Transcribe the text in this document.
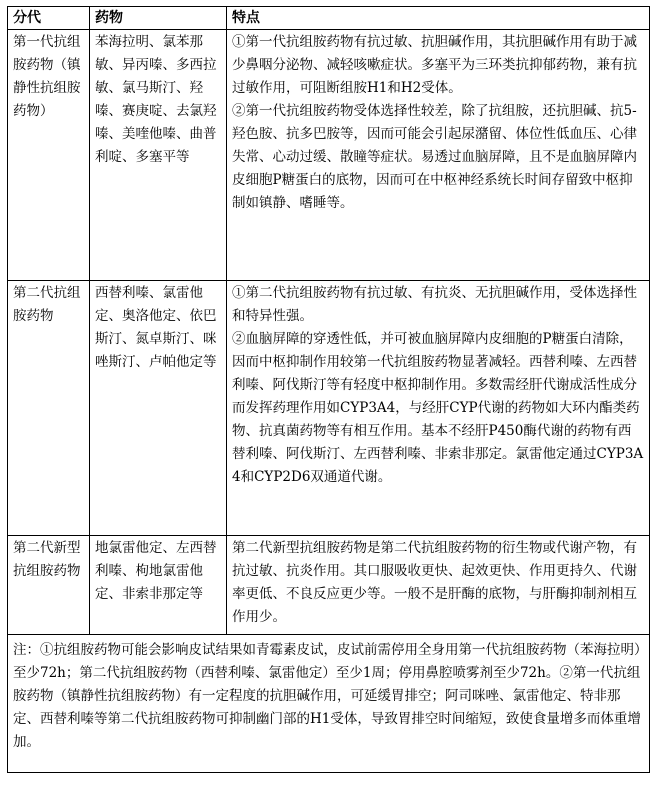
分代	药物	特点
第一代抗组胺药物（镇静性抗组胺药物）	苯海拉明、氯苯那敏、异丙嗪、多西拉敏、氯马斯汀、羟嗪、赛庚啶、去氯羟嗪、美喹他嗪、曲普利啶、多塞平等	①第一代抗组胺药物有抗过敏、抗胆碱作用，其抗胆碱作用有助于减少鼻咽分泌物、减轻咳嗽症状。多塞平为三环类抗抑郁药物，兼有抗过敏作用，可阻断组胺H1和H2受体。
②第一代抗组胺药物受体选择性较差，除了抗组胺，还抗胆碱、抗5-羟色胺、抗多巴胺等，因而可能会引起尿潴留、体位性低血压、心律失常、心动过缓、散瞳等症状。易透过血脑屏障，且不是血脑屏障内皮细胞P糖蛋白的底物，因而可在中枢神经系统长时间存留致中枢抑制如镇静、嗜睡等。

第二代抗组胺药物	西替利嗪、氯雷他定、奥洛他定、依巴斯汀、氮卓斯汀、咪唑斯汀、卢帕他定等	①第二代抗组胺药物有抗过敏、有抗炎、无抗胆碱作用，受体选择性和特异性强。
②血脑屏障的穿透性低，并可被血脑屏障内皮细胞的P糖蛋白清除，因而中枢抑制作用较第一代抗组胺药物显著减轻。西替利嗪、左西替利嗪、阿伐斯汀等有轻度中枢抑制作用。多数需经肝代谢成活性成分而发挥药理作用如CYP3A4，与经肝CYP代谢的药物如大环内酯类药物、抗真菌药物等有相互作用。基本不经肝P450酶代谢的药物有西替利嗪、阿伐斯汀、左西替利嗪、非索非那定。氯雷他定通过CYP3A4和CYP2D6双通道代谢。

第二代新型抗组胺药物	地氯雷他定、左西替利嗪、枸地氯雷他定、非索非那定等	第二代新型抗组胺药物是第二代抗组胺药物的衍生物或代谢产物，有抗过敏、抗炎作用。其口服吸收更快、起效更快、作用更持久、代谢率更低、不良反应更少等。一般不是肝酶的底物，与肝酶抑制剂相互作用少。

注：①抗组胺药物可能会影响皮试结果如青霉素皮试，皮试前需停用全身用第一代抗组胺药物（苯海拉明）至少72h；第二代抗组胺药物（西替利嗪、氯雷他定）至少1周；停用鼻腔喷雾剂至少72h。②第一代抗组胺药物（镇静性抗组胺药物）有一定程度的抗胆碱作用，可延缓胃排空；阿司咪唑、氯雷他定、特非那定、西替利嗪等第二代抗组胺药物可抑制幽门部的H1受体，导致胃排空时间缩短，致使食量增多而体重增加。		
